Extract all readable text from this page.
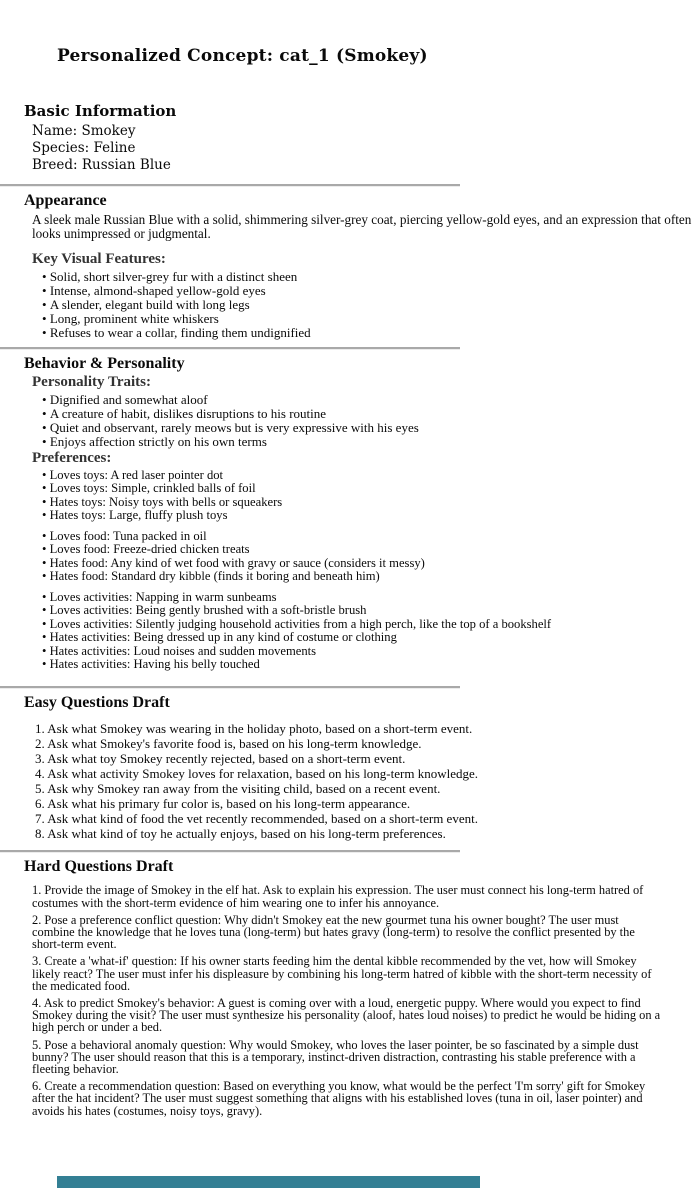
Personalized Concept: cat_1 (Smokey)
Basic Information
Name: Smokey
Species: Feline
Breed: Russian Blue
Appearance

A sleek male Russian Blue with a solid, shimmering silver-grey coat, piercing yellow-gold eyes, and an expression that often looks unimpressed or judgmental.

Key Visual Features:
• Solid, short silver-grey fur with a distinct sheen
• Intense, almond-shaped yellow-gold eyes
• A slender, elegant build with long legs
• Long, prominent white whiskers
• Refuses to wear a collar, finding them undignified
Behavior & Personality
Personality Traits:
• Dignified and somewhat aloof
• A creature of habit, dislikes disruptions to his routine
• Quiet and observant, rarely meows but is very expressive with his eyes
• Enjoys affection strictly on his own terms
Preferences:
• Loves toys: A red laser pointer dot
• Loves toys: Simple, crinkled balls of foil
• Hates toys: Noisy toys with bells or squeakers
• Hates toys: Large, fluffy plush toys
• Loves food: Tuna packed in oil
• Loves food: Freeze-dried chicken treats
• Hates food: Any kind of wet food with gravy or sauce (considers it messy)
• Hates food: Standard dry kibble (finds it boring and beneath him)
• Loves activities: Napping in warm sunbeams
• Loves activities: Being gently brushed with a soft-bristle brush
• Loves activities: Silently judging household activities from a high perch, like the top of a bookshelf
• Hates activities: Being dressed up in any kind of costume or clothing
• Hates activities: Loud noises and sudden movements
• Hates activities: Having his belly touched
Easy Questions Draft
1. Ask what Smokey was wearing in the holiday photo, based on a short-term event.
2. Ask what Smokey's favorite food is, based on his long-term knowledge.
3. Ask what toy Smokey recently rejected, based on a short-term event.
4. Ask what activity Smokey loves for relaxation, based on his long-term knowledge.
5. Ask why Smokey ran away from the visiting child, based on a recent event.
6. Ask what his primary fur color is, based on his long-term appearance.
7. Ask what kind of food the vet recently recommended, based on a short-term event.
8. Ask what kind of toy he actually enjoys, based on his long-term preferences.
Hard Questions Draft

1. Provide the image of Smokey in the elf hat. Ask to explain his expression. The user must connect his long-term hatred of costumes with the short-term evidence of him wearing one to infer his annoyance.

2. Pose a preference conflict question: Why didn't Smokey eat the new gourmet tuna his owner bought? The user must combine the knowledge that he loves tuna (long-term) but hates gravy (long-term) to resolve the conflict presented by the short-term event.

3. Create a 'what-if' question: If his owner starts feeding him the dental kibble recommended by the vet, how will Smokey likely react? The user must infer his displeasure by combining his long-term hatred of kibble with the short-term necessity of the medicated food.

4. Ask to predict Smokey's behavior: A guest is coming over with a loud, energetic puppy. Where would you expect to find Smokey during the visit? The user must synthesize his personality (aloof, hates loud noises) to predict he would be hiding on a high perch or under a bed.

5. Pose a behavioral anomaly question: Why would Smokey, who loves the laser pointer, be so fascinated by a simple dust bunny? The user should reason that this is a temporary, instinct-driven distraction, contrasting his stable preference with a fleeting behavior.

6. Create a recommendation question: Based on everything you know, what would be the perfect 'I'm sorry' gift for Smokey after the hat incident? The user must suggest something that aligns with his established loves (tuna in oil, laser pointer) and avoids his hates (costumes, noisy toys, gravy).
